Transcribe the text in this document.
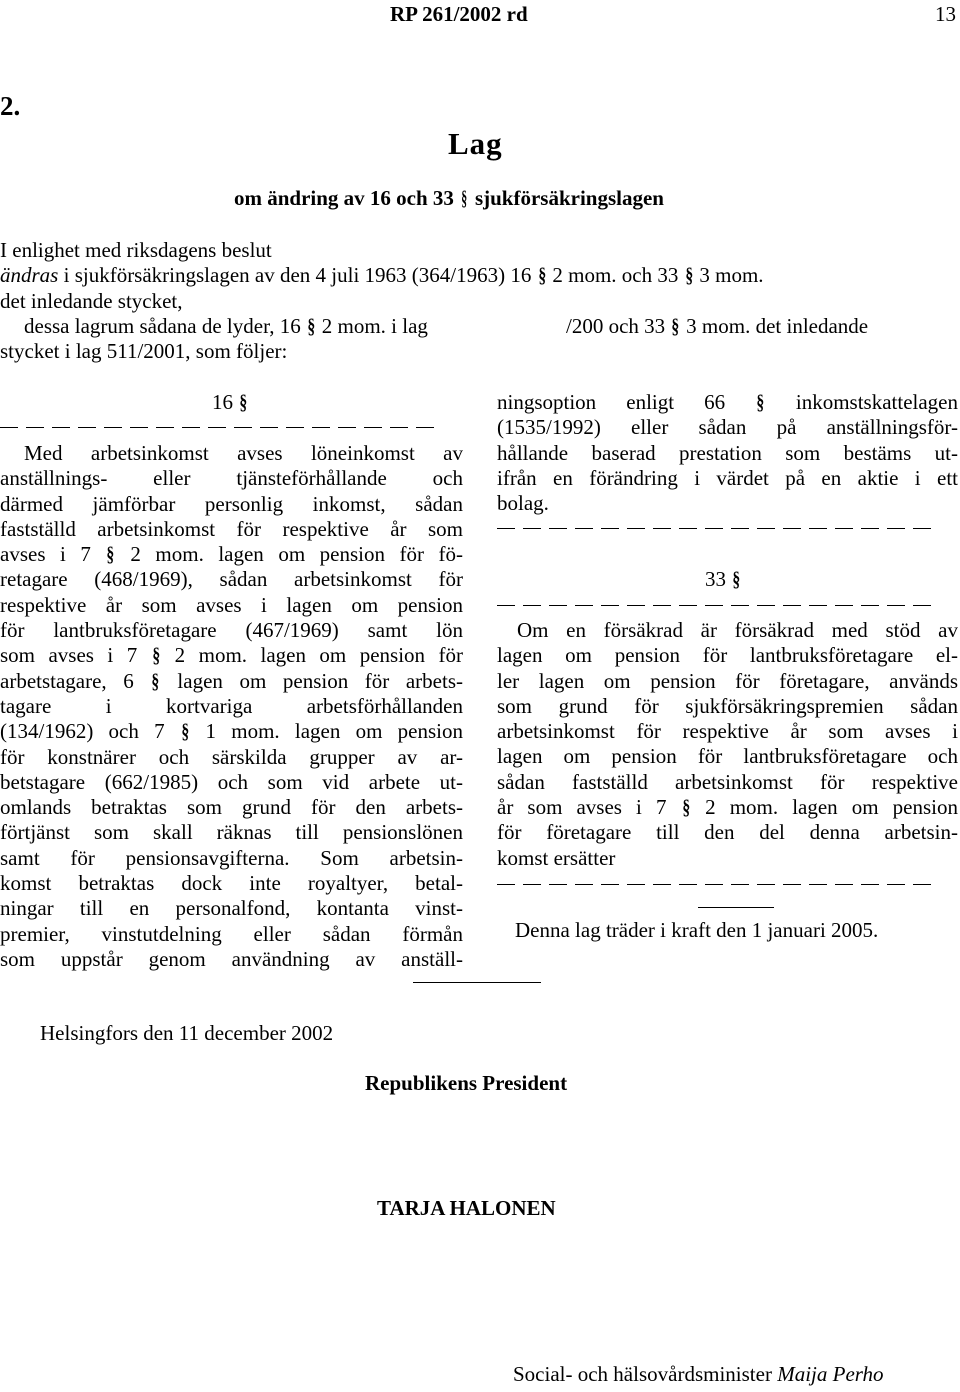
RP 261/2002 rd	13
2.
Lag
om ändring av 16 och 33 § sjukförsäkringslagen
I enlighet med riksdagens beslut
ändras i sjukförsäkringslagen av den 4 juli 1963 (364/1963) 16 § 2 mom. och 33 § 3 mom.
det inledande stycket,
dessa lagrum sådana de lyder, 16 § 2 mom. i lag	/200 och 33 § 3 mom. det inledande
stycket i lag 511/2001, som följer:
16 §
Med arbetsinkomst avses löneinkomst av
anställnings- eller tjänsteförhållande och
därmed jämförbar personlig inkomst, sådan
fastställd arbetsinkomst för respektive år som
avses i 7 § 2 mom. lagen om pension för fö-
retagare (468/1969), sådan arbetsinkomst för
respektive år som avses i lagen om pension
för lantbruksföretagare (467/1969) samt lön
som avses i 7 § 2 mom. lagen om pension för
arbetstagare, 6 § lagen om pension för arbets-
tagare i kortvariga arbetsförhållanden
(134/1962) och 7 § 1 mom. lagen om pension
för konstnärer och särskilda grupper av ar-
betstagare (662/1985) och som vid arbete ut-
omlands betraktas som grund för den arbets-
förtjänst som skall räknas till pensionslönen
samt för pensionsavgifterna. Som arbetsin-
komst betraktas dock inte royaltyer, betal-
ningar till en personalfond, kontanta vinst-
premier, vinstutdelning eller sådan förmån
som uppstår genom användning av anställ-
ningsoption enligt 66 § inkomstskattelagen
(1535/1992) eller sådan på anställningsför-
hållande baserad prestation som bestäms ut-
ifrån en förändring i värdet på en aktie i ett
bolag.
33 §
Om en försäkrad är försäkrad med stöd av
lagen om pension för lantbruksföretagare el-
ler lagen om pension för företagare, används
som grund för sjukförsäkringspremien sådan
arbetsinkomst för respektive år som avses i
lagen om pension för lantbruksföretagare och
sådan fastställd arbetsinkomst för respektive
år som avses i 7 § 2 mom. lagen om pension
för företagare till den del denna arbetsin-
komst ersätter
Denna lag träder i kraft den 1 januari 2005.
Helsingfors den 11 december 2002
Republikens President
TARJA HALONEN
Social- och hälsovårdsminister Maija Perho
